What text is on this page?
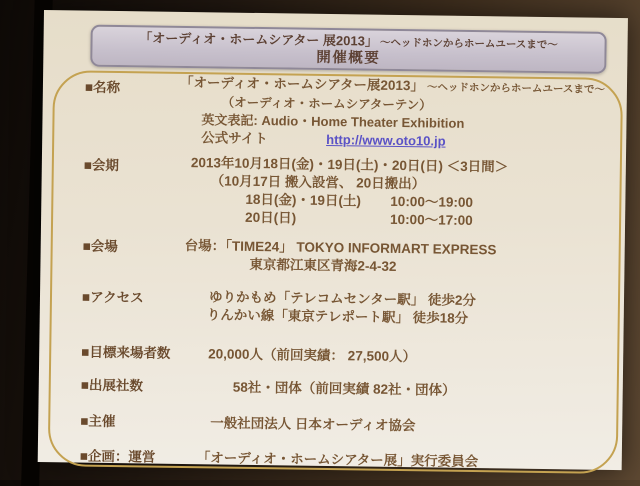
「オーディオ・ホームシアター 展2013」 ～ヘッドホンからホームユースまで～
開催概要
■名称	「オーディオ・ホームシアター展2013」 ～ヘッドホンからホームユースまで～
（オーディオ・ホームシアターテン）
英文表記: Audio・Home Theater Exhibition
公式サイト	http://www.oto10.jp
■会期	2013年10月18日(金)・19日(土)・20日(日) ＜3日間＞
（10月17日 搬入設営、 20日搬出）
18日(金)・19日(土) 10:00～19:00
20日(日)	10:00～17:00
■会場	台場：「TIME24」 TOKYO INFORMART EXPRESS
東京都江東区青海2-4-32
■アクセス	ゆりかもめ「テレコムセンター駅」 徒歩2分
りんかい線「東京テレポート駅」 徒歩18分
■目標来場者数	20,000人（前回実績： 27,500人）
■出展社数	58社・団体（前回実績 82社・団体）
■主催	一般社団法人 日本オーディオ協会
■企画：運営	「オーディオ・ホームシアター展」実行委員会
